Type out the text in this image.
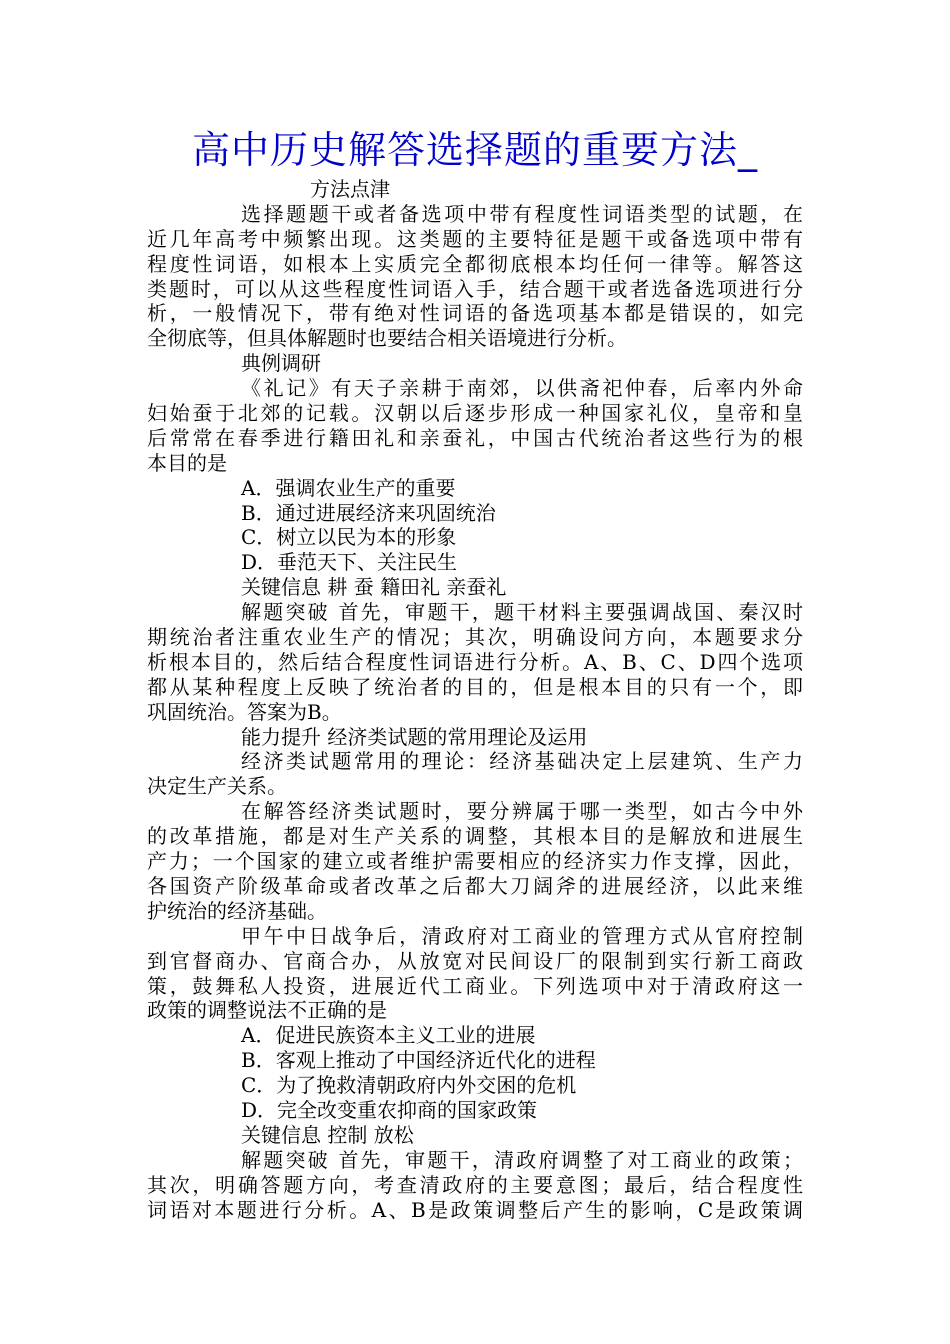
高中历史解答选择题的重要方法_
方法点津
选择题题干或者备选项中带有程度性词语类型的试题，在
近几年高考中频繁出现。这类题的主要特征是题干或备选项中带有
程度性词语，如根本上实质完全都彻底根本均任何一律等。解答这
类题时，可以从这些程度性词语入手，结合题干或者选备选项进行分
析，一般情况下，带有绝对性词语的备选项基本都是错误的，如完
全彻底等，但具体解题时也要结合相关语境进行分析。
典例调研
《礼记》有天子亲耕于南郊，以供斋祀仲春，后率内外命
妇始蚕于北郊的记载。汉朝以后逐步形成一种国家礼仪，皇帝和皇
后常常在春季进行籍田礼和亲蚕礼，中国古代统治者这些行为的根
本目的是
A．强调农业生产的重要
B．通过进展经济来巩固统治
C．树立以民为本的形象
D．垂范天下、关注民生
关键信息 耕 蚕 籍田礼 亲蚕礼
解题突破 首先，审题干，题干材料主要强调战国、秦汉时
期统治者注重农业生产的情况；其次，明确设问方向，本题要求分
析根本目的，然后结合程度性词语进行分析。A、B、C、D四个选项
都从某种程度上反映了统治者的目的，但是根本目的只有一个，即
巩固统治。答案为B。
能力提升 经济类试题的常用理论及运用
经济类试题常用的理论：经济基础决定上层建筑、生产力
决定生产关系。
在解答经济类试题时，要分辨属于哪一类型，如古今中外
的改革措施，都是对生产关系的调整，其根本目的是解放和进展生
产力；一个国家的建立或者维护需要相应的经济实力作支撑，因此，
各国资产阶级革命或者改革之后都大刀阔斧的进展经济，以此来维
护统治的经济基础。
甲午中日战争后，清政府对工商业的管理方式从官府控制
到官督商办、官商合办，从放宽对民间设厂的限制到实行新工商政
策，鼓舞私人投资，进展近代工商业。下列选项中对于清政府这一
政策的调整说法不正确的是
A．促进民族资本主义工业的进展
B．客观上推动了中国经济近代化的进程
C．为了挽救清朝政府内外交困的危机
D．完全改变重农抑商的国家政策
关键信息 控制 放松
解题突破 首先，审题干，清政府调整了对工商业的政策；
其次，明确答题方向，考查清政府的主要意图；最后，结合程度性
词语对本题进行分析。A、B是政策调整后产生的影响，C是政策调
